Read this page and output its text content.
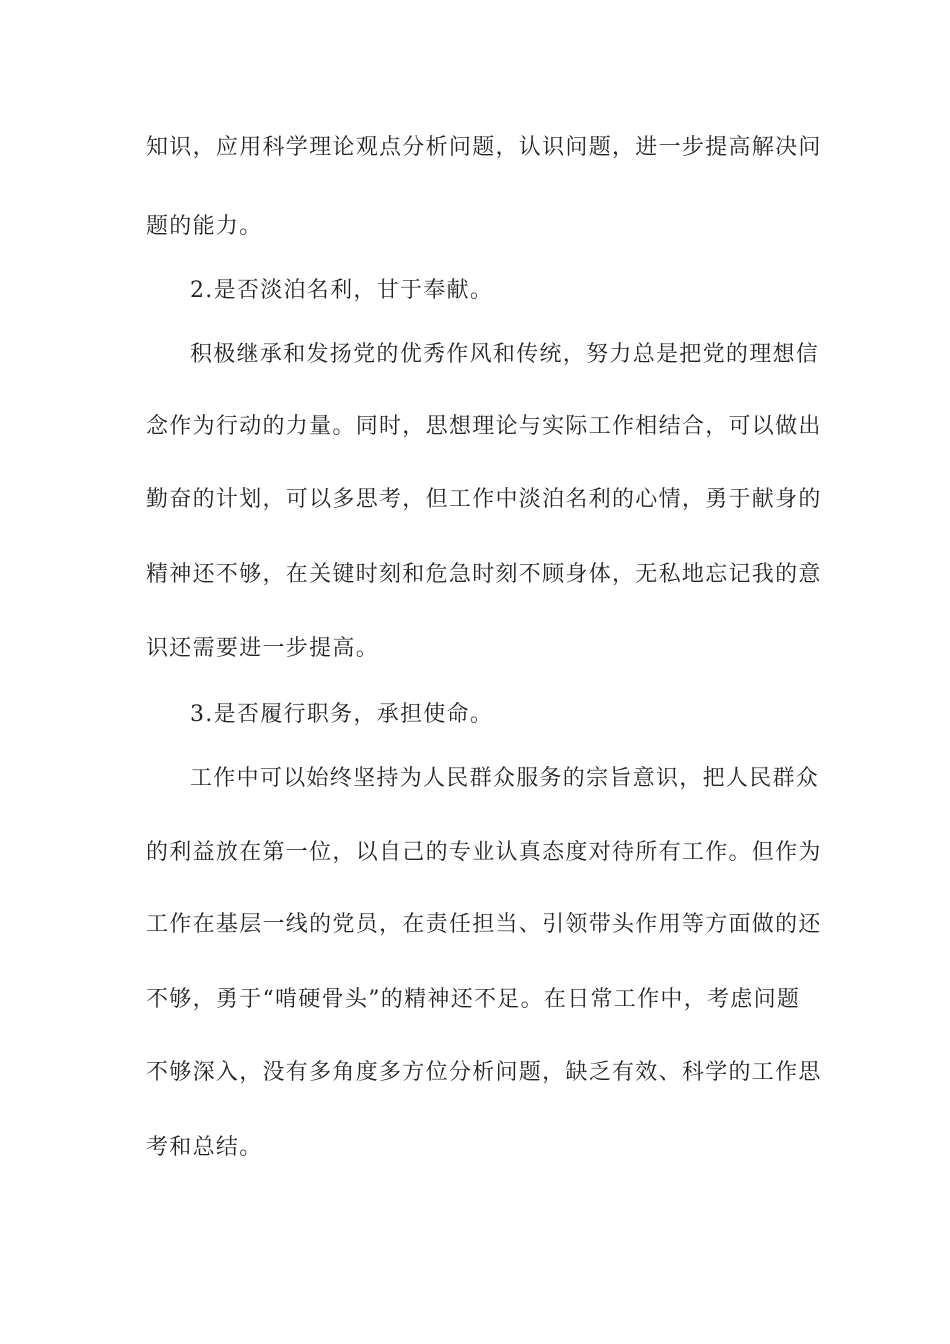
知识，应用科学理论观点分析问题，认识问题，进一步提高解决问
题的能力。
2.是否淡泊名利，甘于奉献。
积极继承和发扬党的优秀作风和传统，努力总是把党的理想信
念作为行动的力量。同时，思想理论与实际工作相结合，可以做出
勤奋的计划，可以多思考，但工作中淡泊名利的心情，勇于献身的
精神还不够，在关键时刻和危急时刻不顾身体，无私地忘记我的意
识还需要进一步提高。
3.是否履行职务，承担使命。
工作中可以始终坚持为人民群众服务的宗旨意识，把人民群众
的利益放在第一位，以自己的专业认真态度对待所有工作。但作为
工作在基层一线的党员，在责任担当、引领带头作用等方面做的还
不够，勇于“啃硬骨头”的精神还不足。在日常工作中，考虑问题
不够深入，没有多角度多方位分析问题，缺乏有效、科学的工作思
考和总结。
